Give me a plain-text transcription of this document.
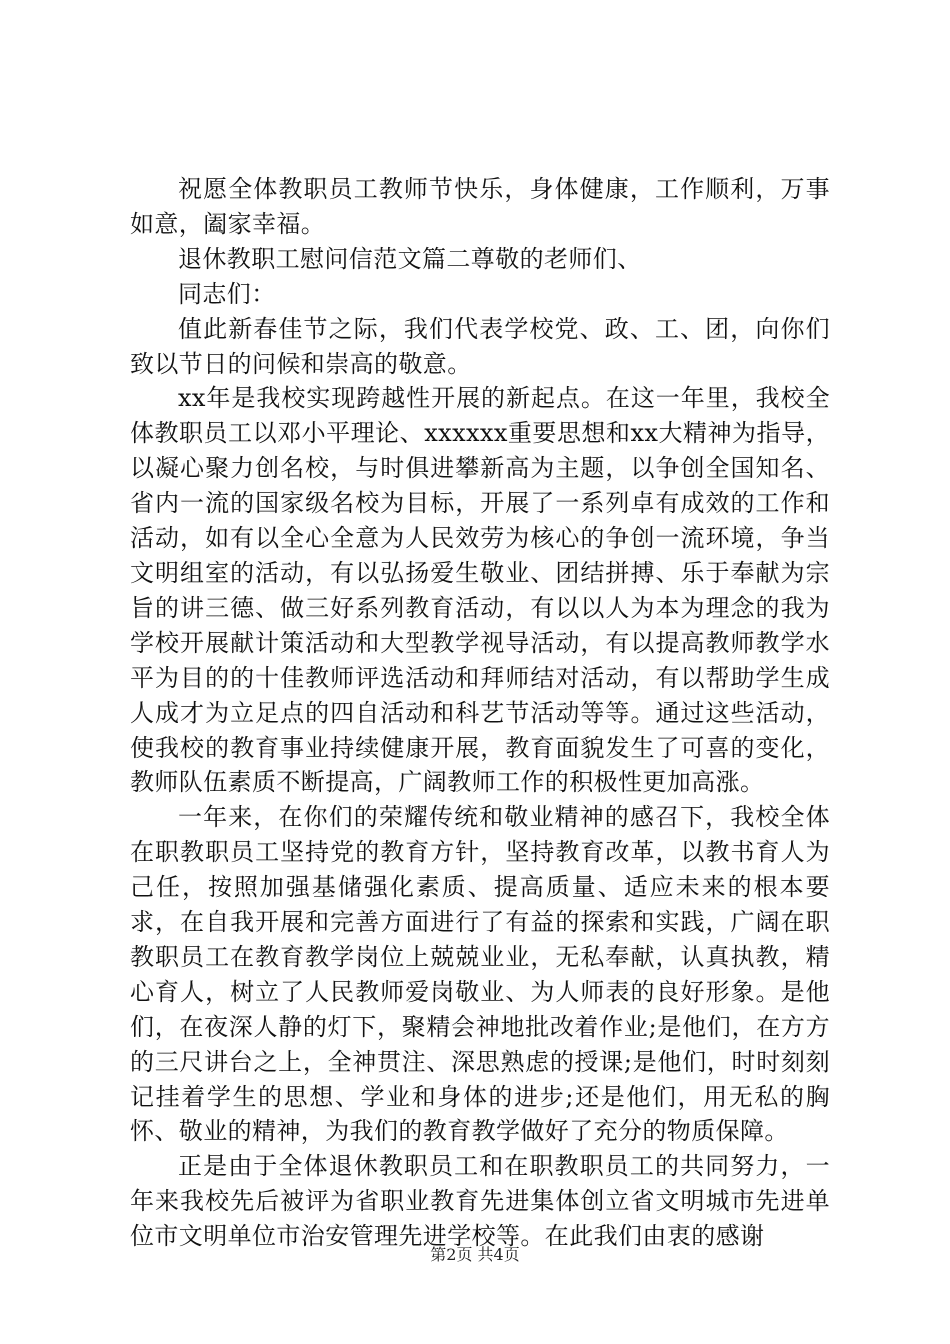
祝愿全体教职员工教师节快乐，身体健康，工作顺利，万事如意，阖家幸福。

退休教职工慰问信范文篇二尊敬的老师们、

同志们：

值此新春佳节之际，我们代表学校党、政、工、团，向你们致以节日的问候和崇高的敬意。

xx年是我校实现跨越性开展的新起点。在这一年里，我校全体教职员工以邓小平理论、xxxxxx重要思想和xx大精神为指导，以凝心聚力创名校，与时俱进攀新高为主题，以争创全国知名、省内一流的国家级名校为目标，开展了一系列卓有成效的工作和活动，如有以全心全意为人民效劳为核心的争创一流环境，争当文明组室的活动，有以弘扬爱生敬业、团结拼搏、乐于奉献为宗旨的讲三德、做三好系列教育活动，有以以人为本为理念的我为学校开展献计策活动和大型教学视导活动，有以提高教师教学水平为目的的十佳教师评选活动和拜师结对活动，有以帮助学生成人成才为立足点的四自活动和科艺节活动等等。通过这些活动，使我校的教育事业持续健康开展，教育面貌发生了可喜的变化，教师队伍素质不断提高，广阔教师工作的积极性更加高涨。

一年来，在你们的荣耀传统和敬业精神的感召下，我校全体在职教职员工坚持党的教育方针，坚持教育改革，以教书育人为己任，按照加强基储强化素质、提高质量、适应未来的根本要求，在自我开展和完善方面进行了有益的探索和实践，广阔在职教职员工在教育教学岗位上兢兢业业，无私奉献，认真执教，精心育人，树立了人民教师爱岗敬业、为人师表的良好形象。是他们，在夜深人静的灯下，聚精会神地批改着作业;是他们，在方方的三尺讲台之上，全神贯注、深思熟虑的授课;是他们，时时刻刻记挂着学生的思想、学业和身体的进步;还是他们，用无私的胸怀、敬业的精神，为我们的教育教学做好了充分的物质保障。

正是由于全体退休教职员工和在职教职员工的共同努力，一年来我校先后被评为省职业教育先进集体创立省文明城市先进单位市文明单位市治安管理先进学校等。在此我们由衷的感谢

第2页 共4页
